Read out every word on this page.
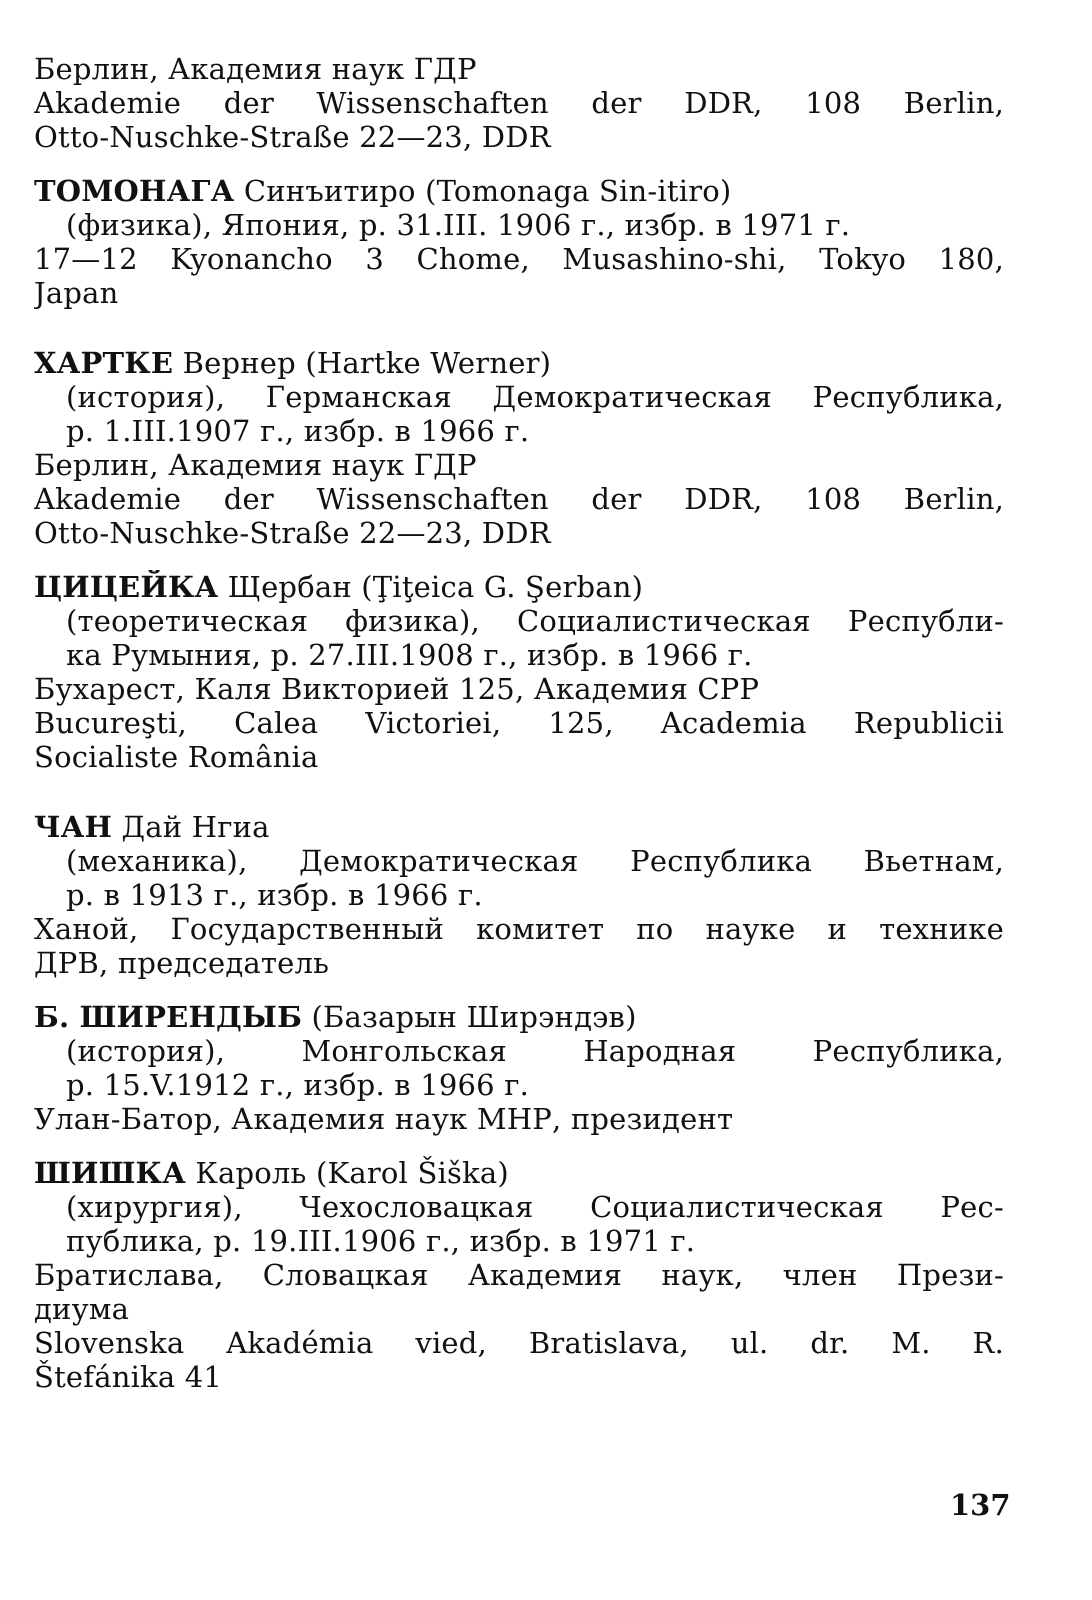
Берлин, Академия наук ГДР
Akademie der Wissenschaften der DDR, 108 Berlin,
Otto-Nuschke-Straße 22—23, DDR
ТОМОНАГА Синъитиро (Tomonaga Sin-itiro)
(физика), Япония, р. 31.III. 1906 г., избр. в 1971 г.
17—12 Kyonancho 3 Chome, Musashino-shi, Tokyo 180,
Japan
ХАРТКЕ Вернер (Hartke Werner)
(история), Германская Демократическая Республика,
р. 1.III.1907 г., избр. в 1966 г.
Берлин, Академия наук ГДР
Akademie der Wissenschaften der DDR, 108 Berlin,
Otto-Nuschke-Straße 22—23, DDR
ЦИЦЕЙКА Щербан (Ţiţeica G. Şerban)
(теоретическая физика), Социалистическая Республи-
ка Румыния, р. 27.III.1908 г., избр. в 1966 г.
Бухарест, Каля Викторией 125, Академия СРР
Bucureşti, Calea Victoriei, 125, Academia Republicii
Socialiste România
ЧАН Дай Нгиа
(механика), Демократическая Республика Вьетнам,
р. в 1913 г., избр. в 1966 г.
Ханой, Государственный комитет по науке и технике
ДРВ, председатель
Б. ШИРЕНДЫБ (Базарын Ширэндэв)
(история), Монгольская Народная Республика,
р. 15.V.1912 г., избр. в 1966 г.
Улан-Батор, Академия наук МНР, президент
ШИШКА Кароль (Karol Šiška)
(хирургия), Чехословацкая Социалистическая Рес-
публика, р. 19.III.1906 г., избр. в 1971 г.
Братислава, Словацкая Академия наук, член Прези-
диума
Slovenska Akadémia vied, Bratislava, ul. dr. M. R.
Štefánika 41
137
